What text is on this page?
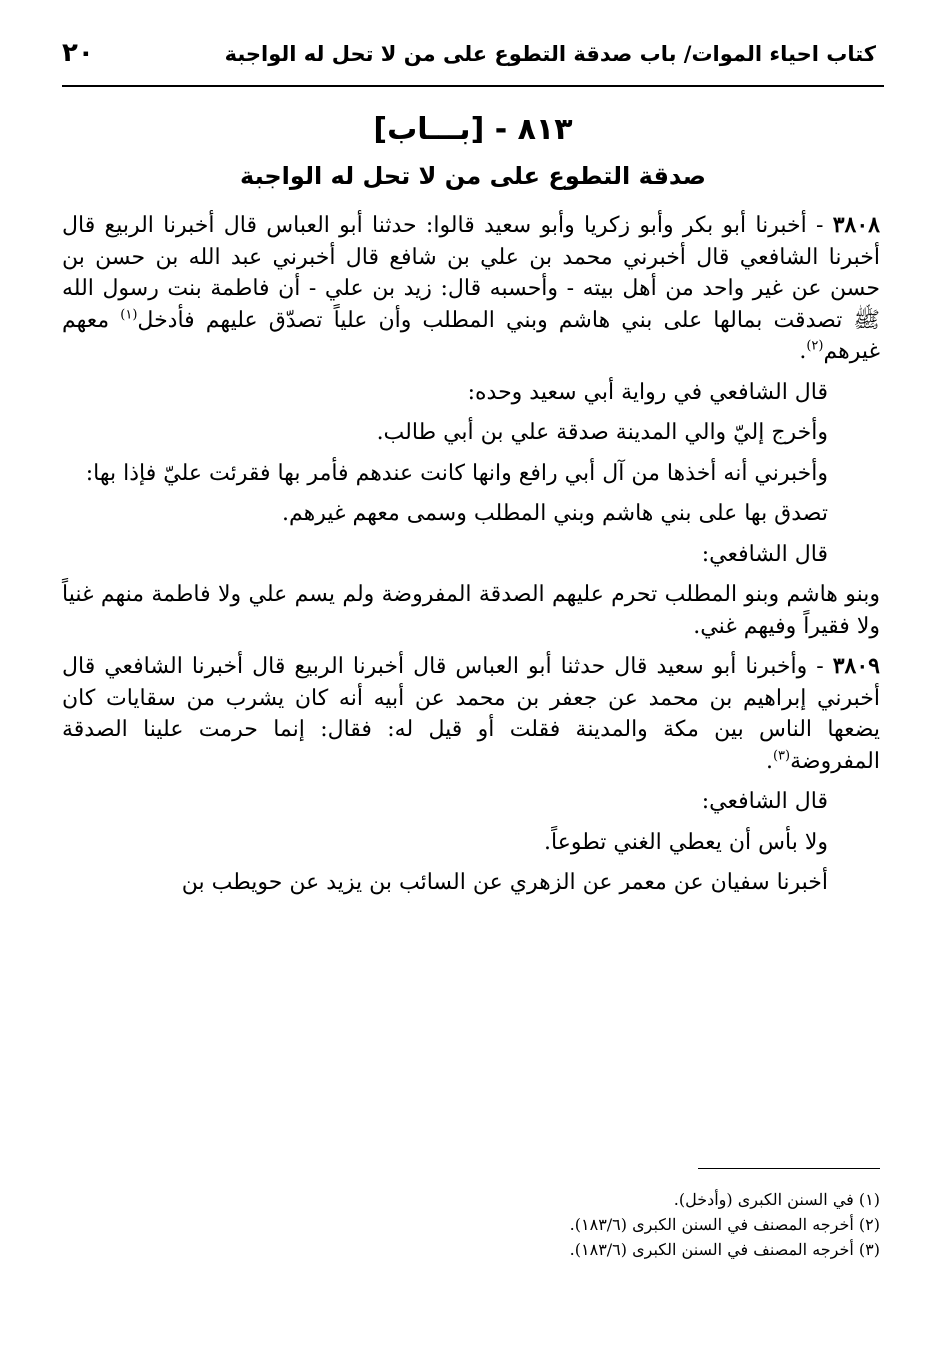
كتاب احياء الموات/ باب صدقة التطوع على من لا تحل له الواجبة
٢٠
٨١٣ - [بـــاب]
صدقة التطوع على من لا تحل له الواجبة

٣٨٠٨ - أخبرنا أبو بكر وأبو زكريا وأبو سعيد قالوا: حدثنا أبو العباس قال أخبرنا الربيع قال أخبرنا الشافعي قال أخبرني محمد بن علي بن شافع قال أخبرني عبد الله بن حسن بن حسن عن غير واحد من أهل بيته - وأحسبه قال: زيد بن علي - أن فاطمة بنت رسول الله ﷺ تصدقت بمالها على بني هاشم وبني المطلب وأن علياً تصدّق عليهم فأدخل$^{(١)}$ معهم غيرهم$^{(٢)}$.

قال الشافعي في رواية أبي سعيد وحده:

وأخرج إليّ والي المدينة صدقة علي بن أبي طالب.

وأخبرني أنه أخذها من آل أبي رافع وانها كانت عندهم فأمر بها فقرئت عليّ فإذا بها:

تصدق بها على بني هاشم وبني المطلب وسمى معهم غيرهم.

قال الشافعي:

وبنو هاشم وبنو المطلب تحرم عليهم الصدقة المفروضة ولم يسم علي ولا فاطمة منهم غنياً ولا فقيراً وفيهم غني.

٣٨٠٩ - وأخبرنا أبو سعيد قال حدثنا أبو العباس قال أخبرنا الربيع قال أخبرنا الشافعي قال أخبرني إبراهيم بن محمد عن جعفر بن محمد عن أبيه أنه كان يشرب من سقايات كان يضعها الناس بين مكة والمدينة فقلت أو قيل له: فقال: إنما حرمت علينا الصدقة المفروضة$^{(٣)}$.

قال الشافعي:

ولا بأس أن يعطي الغني تطوعاً.

أخبرنا سفيان عن معمر عن الزهري عن السائب بن يزيد عن حويطب بن

(١) في السنن الكبرى (وأدخل).

(٢) أخرجه المصنف في السنن الكبرى (١٨٣/٦).

(٣) أخرجه المصنف في السنن الكبرى (١٨٣/٦).
